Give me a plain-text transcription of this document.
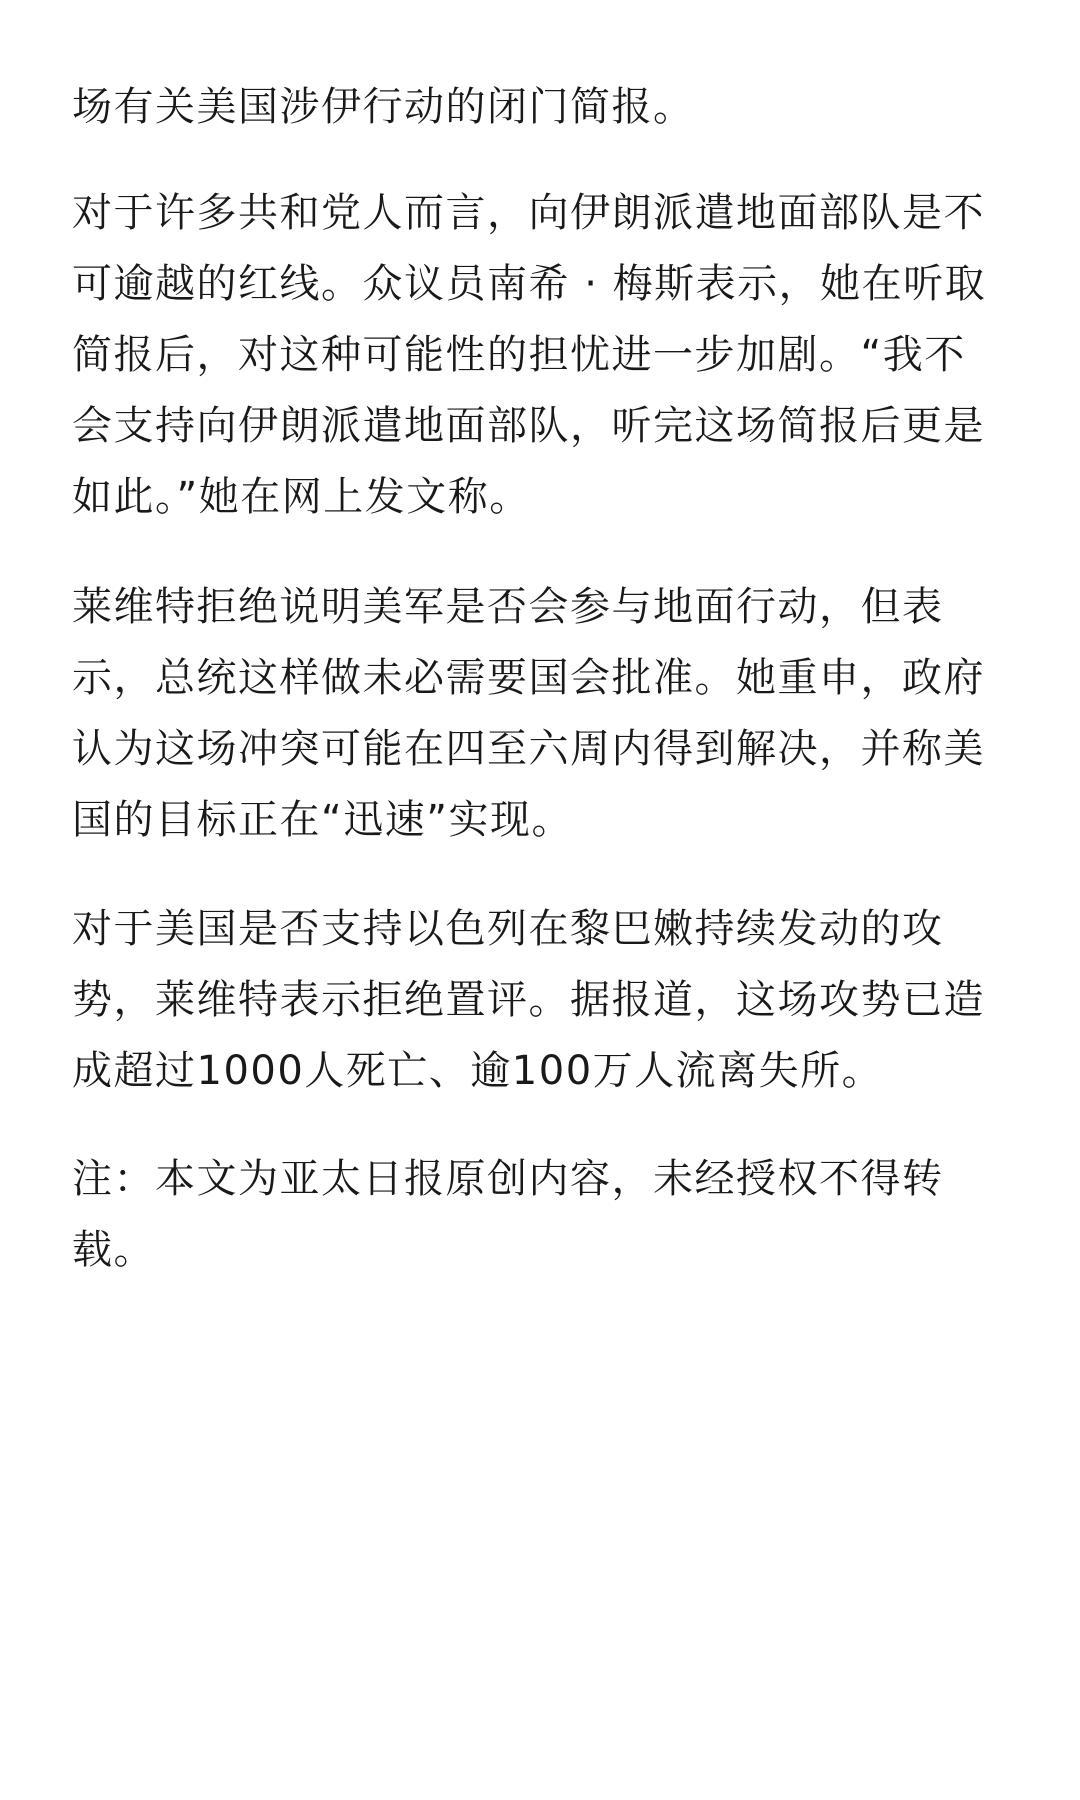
场有关美国涉伊行动的闭门简报。

对于许多共和党人而言，向伊朗派遣地面部队是不
可逾越的红线。众议员南希 · 梅斯表示，她在听取
简报后，对这种可能性的担忧进一步加剧。“我不
会支持向伊朗派遣地面部队，听完这场简报后更是
如此。”她在网上发文称。

莱维特拒绝说明美军是否会参与地面行动，但表
示，总统这样做未必需要国会批准。她重申，政府
认为这场冲突可能在四至六周内得到解决，并称美
国的目标正在“迅速”实现。

对于美国是否支持以色列在黎巴嫩持续发动的攻
势，莱维特表示拒绝置评。据报道，这场攻势已造
成超过1000人死亡、逾100万人流离失所。

注：本文为亚太日报原创内容，未经授权不得转
载。
